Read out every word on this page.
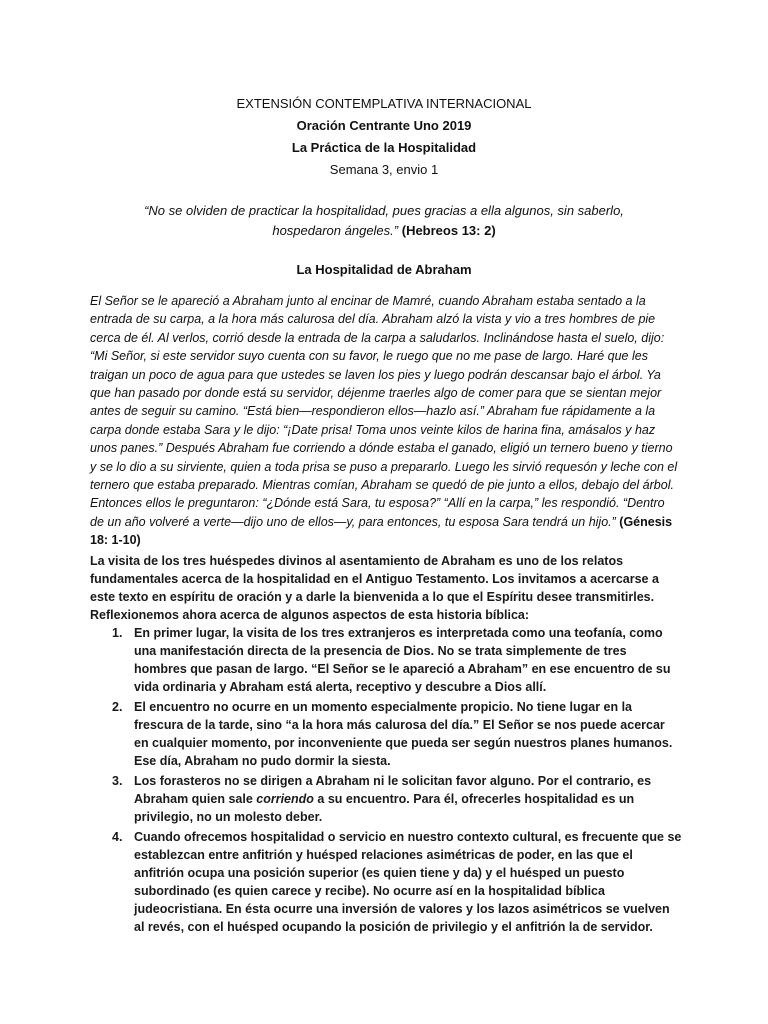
EXTENSIÓN CONTEMPLATIVA INTERNACIONAL
Oración Centrante Uno 2019
La Práctica de la Hospitalidad
Semana 3, envio 1
“No se olviden de practicar la hospitalidad, pues gracias a ella algunos, sin saberlo, hospedaron ángeles.” (Hebreos 13: 2)
La Hospitalidad de Abraham
El Señor se le apareció a Abraham junto al encinar de Mamré, cuando Abraham estaba sentado a la entrada de su carpa, a la hora más calurosa del día. Abraham alzó la vista y vio a tres hombres de pie cerca de él. Al verlos, corrió desde la entrada de la carpa a saludarlos. Inclinándose hasta el suelo, dijo: “Mi Señor, si este servidor suyo cuenta con su favor, le ruego que no me pase de largo. Haré que les traigan un poco de agua para que ustedes se laven los pies y luego podrán descansar bajo el árbol. Ya que han pasado por donde está su servidor, déjenme traerles algo de comer para que se sientan mejor antes de seguir su camino. “Está bien—respondieron ellos—hazlo así.” Abraham fue rápidamente a la carpa donde estaba Sara y le dijo: “¡Date prisa! Toma unos veinte kilos de harina fina, amásalos y haz unos panes.” Después Abraham fue corriendo a dónde estaba el ganado, eligió un ternero bueno y tierno y se lo dio a su sirviente, quien a toda prisa se puso a prepararlo. Luego les sirvió requesón y leche con el ternero que estaba preparado. Mientras comían, Abraham se quedó de pie junto a ellos, debajo del árbol. Entonces ellos le preguntaron: “¿Dónde está Sara, tu esposa?” “Allí en la carpa,” les respondió. “Dentro de un año volveré a verte—dijo uno de ellos—y, para entonces, tu esposa Sara tendrá un hijo.” (Génesis 18: 1-10)
La visita de los tres huéspedes divinos al asentamiento de Abraham es uno de los relatos fundamentales acerca de la hospitalidad en el Antiguo Testamento. Los invitamos a acercarse a este texto en espíritu de oración y a darle la bienvenida a lo que el Espíritu desee transmitirles. Reflexionemos ahora acerca de algunos aspectos de esta historia bíblica:
1. En primer lugar, la visita de los tres extranjeros es interpretada como una teofanía, como una manifestación directa de la presencia de Dios. No se trata simplemente de tres hombres que pasan de largo. “El Señor se le apareció a Abraham” en ese encuentro de su vida ordinaria y Abraham está alerta, receptivo y descubre a Dios allí.
2. El encuentro no ocurre en un momento especialmente propicio. No tiene lugar en la frescura de la tarde, sino “a la hora más calurosa del día.” El Señor se nos puede acercar en cualquier momento, por inconveniente que pueda ser según nuestros planes humanos. Ese día, Abraham no pudo dormir la siesta.
3. Los forasteros no se dirigen a Abraham ni le solicitan favor alguno. Por el contrario, es Abraham quien sale corriendo a su encuentro. Para él, ofrecerles hospitalidad es un privilegio, no un molesto deber.
4. Cuando ofrecemos hospitalidad o servicio en nuestro contexto cultural, es frecuente que se establezcan entre anfitrión y huésped relaciones asimétricas de poder, en las que el anfitrión ocupa una posición superior (es quien tiene y da) y el huésped un puesto subordinado (es quien carece y recibe). No ocurre así en la hospitalidad bíblica judeocristiana. En ésta ocurre una inversión de valores y los lazos asimétricos se vuelven al revés, con el huésped ocupando la posición de privilegio y el anfitrión la de servidor.
